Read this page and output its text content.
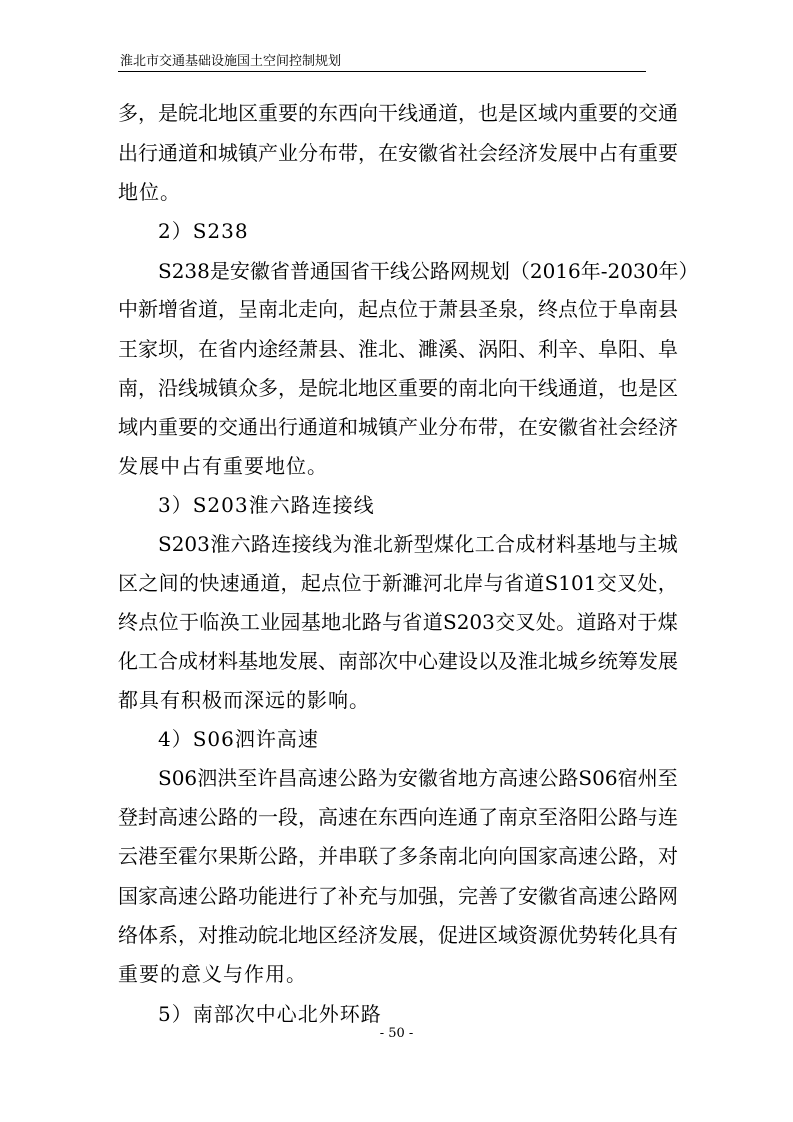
淮北市交通基础设施国土空间控制规划
多 ， 是 皖 北 地 区 重 要 的 东 西 向 干 线 通 道 ， 也 是 区 域 内 重 要 的 交 通
出 行 通 道 和 城 镇 产 业 分 布 带 ， 在 安 徽 省 社 会 经 济 发 展 中 占 有 重 要
地位。
2）S238
S238 是 安 徽 省 普 通 国 省 干 线 公 路 网 规 划 （ 2016 年 -2030 年 ）
中 新 增 省 道 ， 呈 南 北 走 向 ， 起 点 位 于 萧 县 圣 泉 ， 终 点 位 于 阜 南 县
王 家 坝 ， 在 省 内 途 经 萧 县 、 淮 北 、 濉 溪 、 涡 阳 、 利 辛 、 阜 阳 、 阜
南 ， 沿 线 城 镇 众 多 ， 是 皖 北 地 区 重 要 的 南 北 向 干 线 通 道 ， 也 是 区
域 内 重 要 的 交 通 出 行 通 道 和 城 镇 产 业 分 布 带 ， 在 安 徽 省 社 会 经 济
发展中占有重要地位。
3）S203淮六路连接线
S203 淮 六 路 连 接 线 为 淮 北 新 型 煤 化 工 合 成 材 料 基 地 与 主 城
区 之 间 的 快 速 通 道 ， 起 点 位 于 新 濉 河 北 岸 与 省 道 S101 交 叉 处 ，
终 点 位 于 临 涣 工 业 园 基 地 北 路 与 省 道 S203 交 叉 处 。 道 路 对 于 煤
化 工 合 成 材 料 基 地 发 展 、 南 部 次 中 心 建 设 以 及 淮 北 城 乡 统 筹 发 展
都具有积极而深远的影响。
4）S06泗许高速
S06 泗 洪 至 许 昌 高 速 公 路 为 安 徽 省 地 方 高 速 公 路 S06 宿 州 至
登 封 高 速 公 路 的 一 段 ， 高 速 在 东 西 向 连 通 了 南 京 至 洛 阳 公 路 与 连
云 港 至 霍 尔 果 斯 公 路 ， 并 串 联 了 多 条 南 北 向 向 国 家 高 速 公 路 ， 对
国 家 高 速 公 路 功 能 进 行 了 补 充 与 加 强 ， 完 善 了 安 徽 省 高 速 公 路 网
络 体 系 ， 对 推 动 皖 北 地 区 经 济 发 展 ， 促 进 区 域 资 源 优 势 转 化 具 有
重要的意义与作用。
5）南部次中心北外环路
- 50 -
